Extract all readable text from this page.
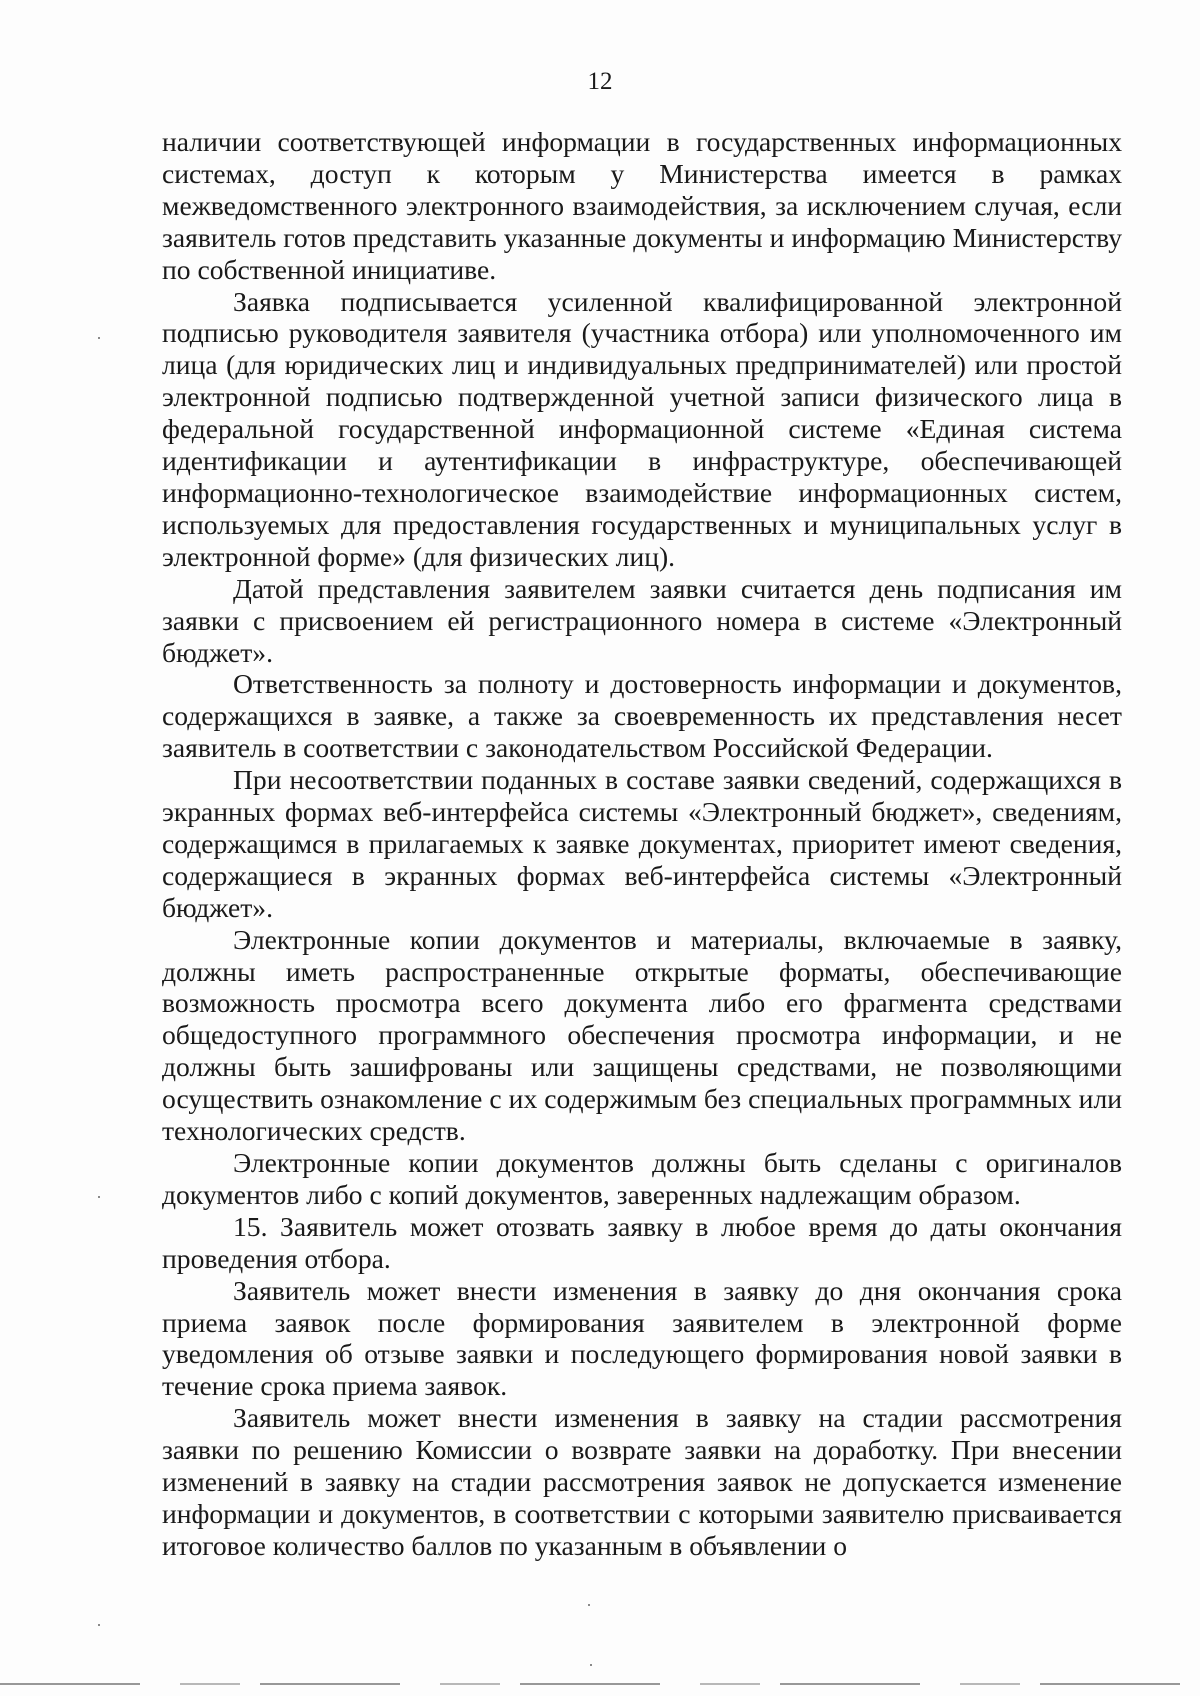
12

наличии соответствующей информации в государственных информационных системах, доступ к которым у Министерства имеется в рамках межведомственного электронного взаимодействия, за исключением случая, если заявитель готов представить указанные документы и информацию Министерству по собственной инициативе.

Заявка подписывается усиленной квалифицированной электронной подписью руководителя заявителя (участника отбора) или уполномоченного им лица (для юридических лиц и индивидуальных предпринимателей) или простой электронной подписью подтвержденной учетной записи физического лица в федеральной государственной информационной системе «Единая система идентификации и аутентификации в инфраструктуре, обеспечивающей информационно-технологическое взаимодействие информационных систем, используемых для предоставления государственных и муниципальных услуг в электронной форме» (для физических лиц).

Датой представления заявителем заявки считается день подписания им заявки с присвоением ей регистрационного номера в системе «Электронный бюджет».

Ответственность за полноту и достоверность информации и документов, содержащихся в заявке, а также за своевременность их представления несет заявитель в соответствии с законодательством Российской Федерации.

При несоответствии поданных в составе заявки сведений, содержащихся в экранных формах веб-интерфейса системы «Электронный бюджет», сведениям, содержащимся в прилагаемых к заявке документах, приоритет имеют сведения, содержащиеся в экранных формах веб-интерфейса системы «Электронный бюджет».

Электронные копии документов и материалы, включаемые в заявку, должны иметь распространенные открытые форматы, обеспечивающие возможность просмотра всего документа либо его фрагмента средствами общедоступного программного обеспечения просмотра информации, и не должны быть зашифрованы или защищены средствами, не позволяющими осуществить ознакомление с их содержимым без специальных программных или технологических средств.

Электронные копии документов должны быть сделаны с оригиналов документов либо с копий документов, заверенных надлежащим образом.

15. Заявитель может отозвать заявку в любое время до даты окончания проведения отбора.

Заявитель может внести изменения в заявку до дня окончания срока приема заявок после формирования заявителем в электронной форме уведомления об отзыве заявки и последующего формирования новой заявки в течение срока приема заявок.

Заявитель может внести изменения в заявку на стадии рассмотрения заявки по решению Комиссии о возврате заявки на доработку. При внесении изменений в заявку на стадии рассмотрения заявок не допускается изменение информации и документов, в соответствии с которыми заявителю присваивается итоговое количество баллов по указанным в объявлении о
